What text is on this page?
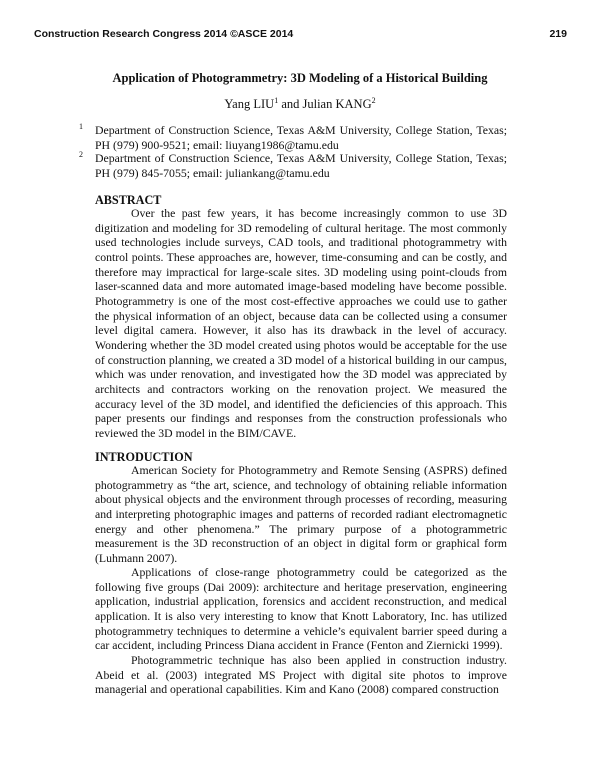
Construction Research Congress 2014 ©ASCE 2014	219
Application of Photogrammetry: 3D Modeling of a Historical Building
Yang LIU$^1$ and Julian KANG$^2$
1 Department of Construction Science, Texas A&M University, College Station, Texas; PH (979) 900-9521; email: liuyang1986@tamu.edu
2 Department of Construction Science, Texas A&M University, College Station, Texas; PH (979) 845-7055; email: juliankang@tamu.edu
ABSTRACT
Over the past few years, it has become increasingly common to use 3D digitization and modeling for 3D remodeling of cultural heritage. The most commonly used technologies include surveys, CAD tools, and traditional photogrammetry with control points. These approaches are, however, time-consuming and can be costly, and therefore may impractical for large-scale sites. 3D modeling using point-clouds from laser-scanned data and more automated image-based modeling have become possible. Photogrammetry is one of the most cost-effective approaches we could use to gather the physical information of an object, because data can be collected using a consumer level digital camera. However, it also has its drawback in the level of accuracy. Wondering whether the 3D model created using photos would be acceptable for the use of construction planning, we created a 3D model of a historical building in our campus, which was under renovation, and investigated how the 3D model was appreciated by architects and contractors working on the renovation project. We measured the accuracy level of the 3D model, and identified the deficiencies of this approach. This paper presents our findings and responses from the construction professionals who reviewed the 3D model in the BIM/CAVE.
INTRODUCTION
American Society for Photogrammetry and Remote Sensing (ASPRS) defined photogrammetry as “the art, science, and technology of obtaining reliable information about physical objects and the environment through processes of recording, measuring and interpreting photographic images and patterns of recorded radiant electromagnetic energy and other phenomena.” The primary purpose of a photogrammetric measurement is the 3D reconstruction of an object in digital form or graphical form (Luhmann 2007).
Applications of close-range photogrammetry could be categorized as the following five groups (Dai 2009): architecture and heritage preservation, engineering application, industrial application, forensics and accident reconstruction, and medical application. It is also very interesting to know that Knott Laboratory, Inc. has utilized photogrammetry techniques to determine a vehicle’s equivalent barrier speed during a car accident, including Princess Diana accident in France (Fenton and Ziernicki 1999).
Photogrammetric technique has also been applied in construction industry. Abeid et al. (2003) integrated MS Project with digital site photos to improve managerial and operational capabilities. Kim and Kano (2008) compared construction
